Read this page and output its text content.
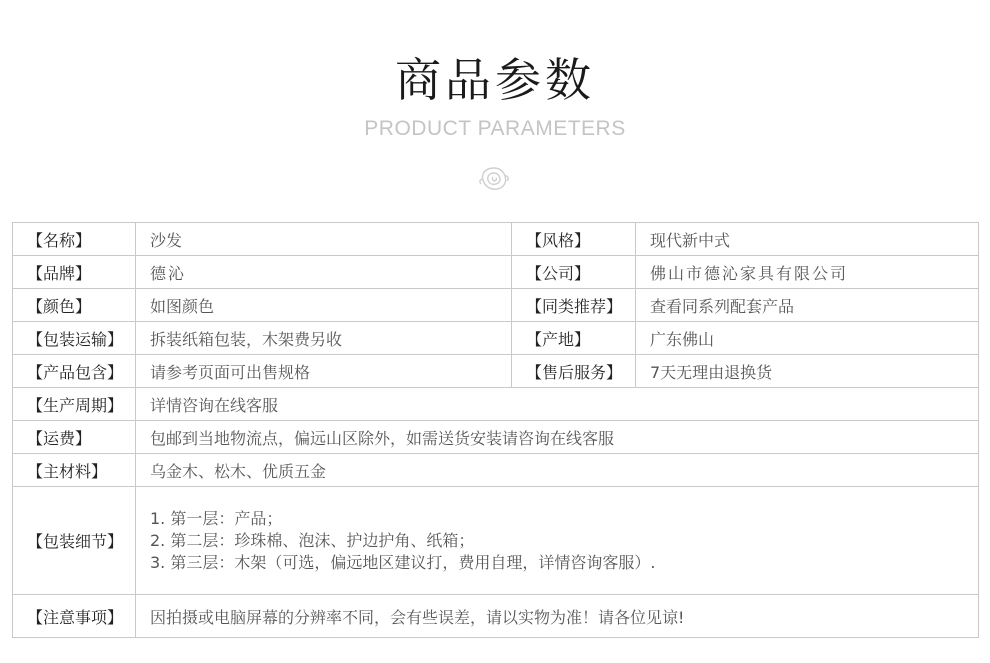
商品参数
PRODUCT PARAMETERS
【名称】	沙发	【风格】	现代新中式
【品牌】	德沁	【公司】	佛山市德沁家具有限公司
【颜色】	如图颜色	【同类推荐】	查看同系列配套产品
【包装运输】	拆装纸箱包装，木架费另收	【产地】	广东佛山
【产品包含】	请参考页面可出售规格	【售后服务】	7天无理由退换货
【生产周期】	详情咨询在线客服		
【运费】	包邮到当地物流点，偏远山区除外，如需送货安装请咨询在线客服		
【主材料】	乌金木、松木、优质五金		
【包装细节】	1. 第一层：产品；
2. 第二层：珍珠棉、泡沫、护边护角、纸箱；
3. 第三层：木架（可选，偏远地区建议打，费用自理，详情咨询客服）.		

【注意事项】	因拍摄或电脑屏幕的分辨率不同，会有些误差，请以实物为准！请各位见谅!		
